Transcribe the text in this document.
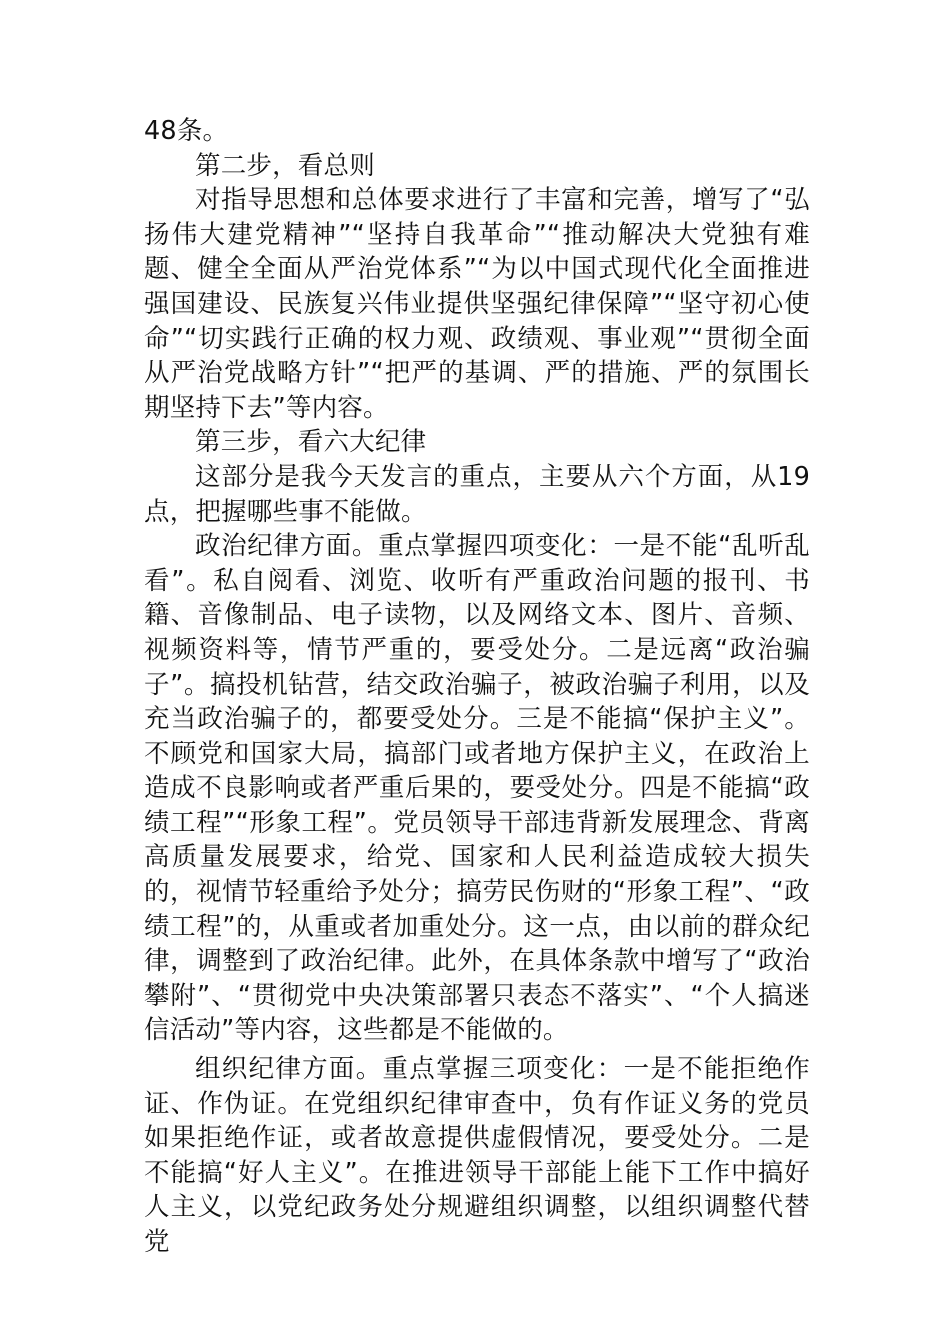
48条。

第二步，看总则

对指导思想和总体要求进行了丰富和完善，增写了“弘扬伟大建党精神”“坚持自我革命”“推动解决大党独有难题、健全全面从严治党体系”“为以中国式现代化全面推进强国建设、民族复兴伟业提供坚强纪律保障”“坚守初心使命”“切实践行正确的权力观、政绩观、事业观”“贯彻全面从严治党战略方针”“把严的基调、严的措施、严的氛围长期坚持下去”等内容。

第三步，看六大纪律

这部分是我今天发言的重点，主要从六个方面，从19点，把握哪些事不能做。

政治纪律方面。重点掌握四项变化：一是不能“乱听乱看”。私自阅看、浏览、收听有严重政治问题的报刊、书籍、音像制品、电子读物，以及网络文本、图片、音频、视频资料等，情节严重的，要受处分。二是远离“政治骗子”。搞投机钻营，结交政治骗子，被政治骗子利用，以及充当政治骗子的，都要受处分。三是不能搞“保护主义”。不顾党和国家大局，搞部门或者地方保护主义，在政治上造成不良影响或者严重后果的，要受处分。四是不能搞“政绩工程”“形象工程”。党员领导干部违背新发展理念、背离高质量发展要求，给党、国家和人民利益造成较大损失的，视情节轻重给予处分；搞劳民伤财的“形象工程”、“政绩工程”的，从重或者加重处分。这一点，由以前的群众纪律，调整到了政治纪律。此外，在具体条款中增写了“政治攀附”、“贯彻党中央决策部署只表态不落实”、“个人搞迷信活动”等内容，这些都是不能做的。

组织纪律方面。重点掌握三项变化：一是不能拒绝作证、作伪证。在党组织纪律审查中，负有作证义务的党员如果拒绝作证，或者故意提供虚假情况，要受处分。二是不能搞“好人主义”。在推进领导干部能上能下工作中搞好人主义，以党纪政务处分规避组织调整，以组织调整代替党
